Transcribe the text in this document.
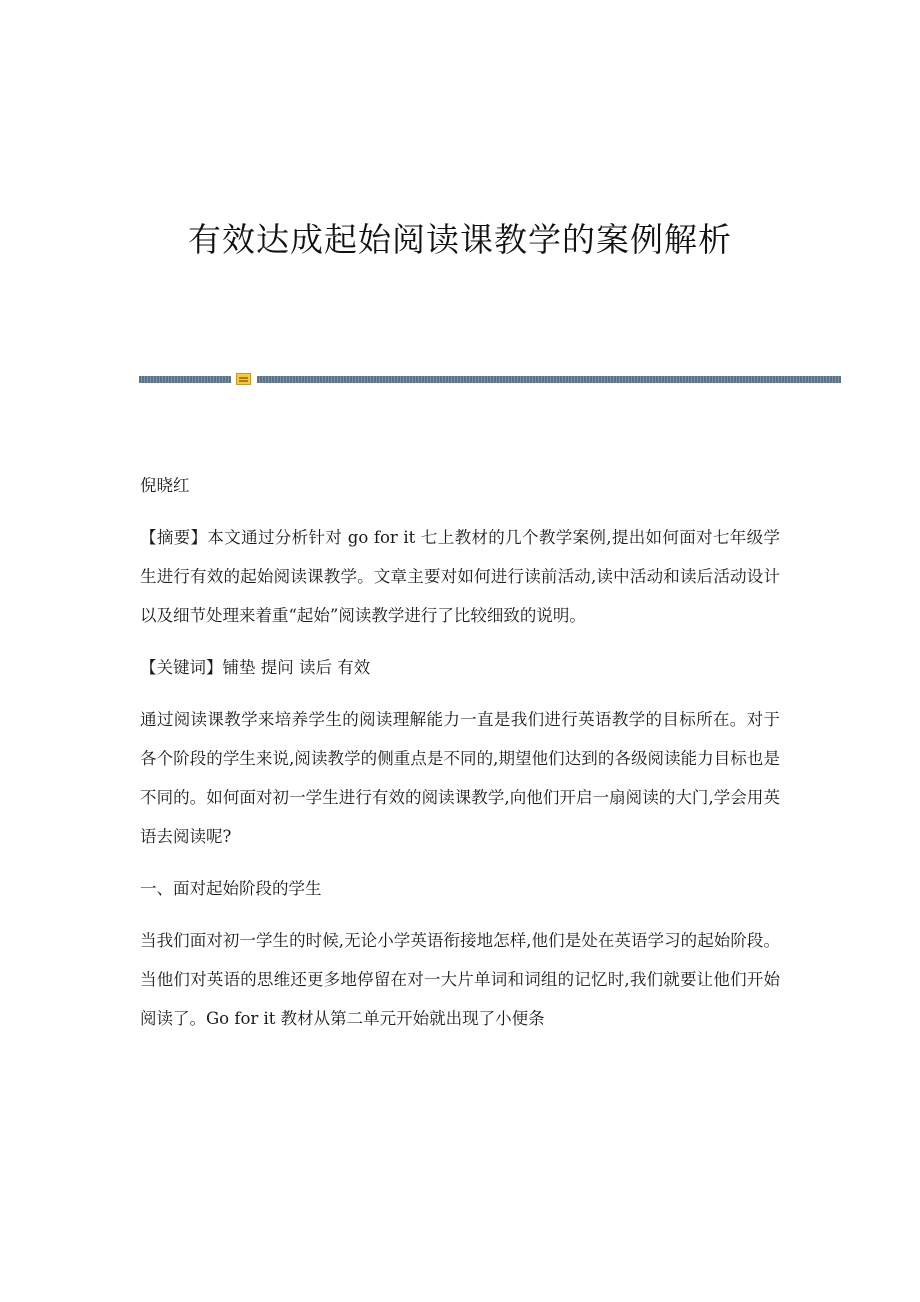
有效达成起始阅读课教学的案例解析

倪晓红

【摘要】本文通过分析针对 go for it 七上教材的几个教学案例,提出如何面对七年级学生进行有效的起始阅读课教学。文章主要对如何进行读前活动,读中活动和读后活动设计以及细节处理来着重“起始”阅读教学进行了比较细致的说明。

【关键词】铺垫 提问 读后 有效

通过阅读课教学来培养学生的阅读理解能力一直是我们进行英语教学的目标所在。对于各个阶段的学生来说,阅读教学的侧重点是不同的,期望他们达到的各级阅读能力目标也是不同的。如何面对初一学生进行有效的阅读课教学,向他们开启一扇阅读的大门,学会用英语去阅读呢?

一、面对起始阶段的学生

当我们面对初一学生的时候,无论小学英语衔接地怎样,他们是处在英语学习的起始阶段。当他们对英语的思维还更多地停留在对一大片单词和词组的记忆时,我们就要让他们开始阅读了。Go for it 教材从第二单元开始就出现了小便条
